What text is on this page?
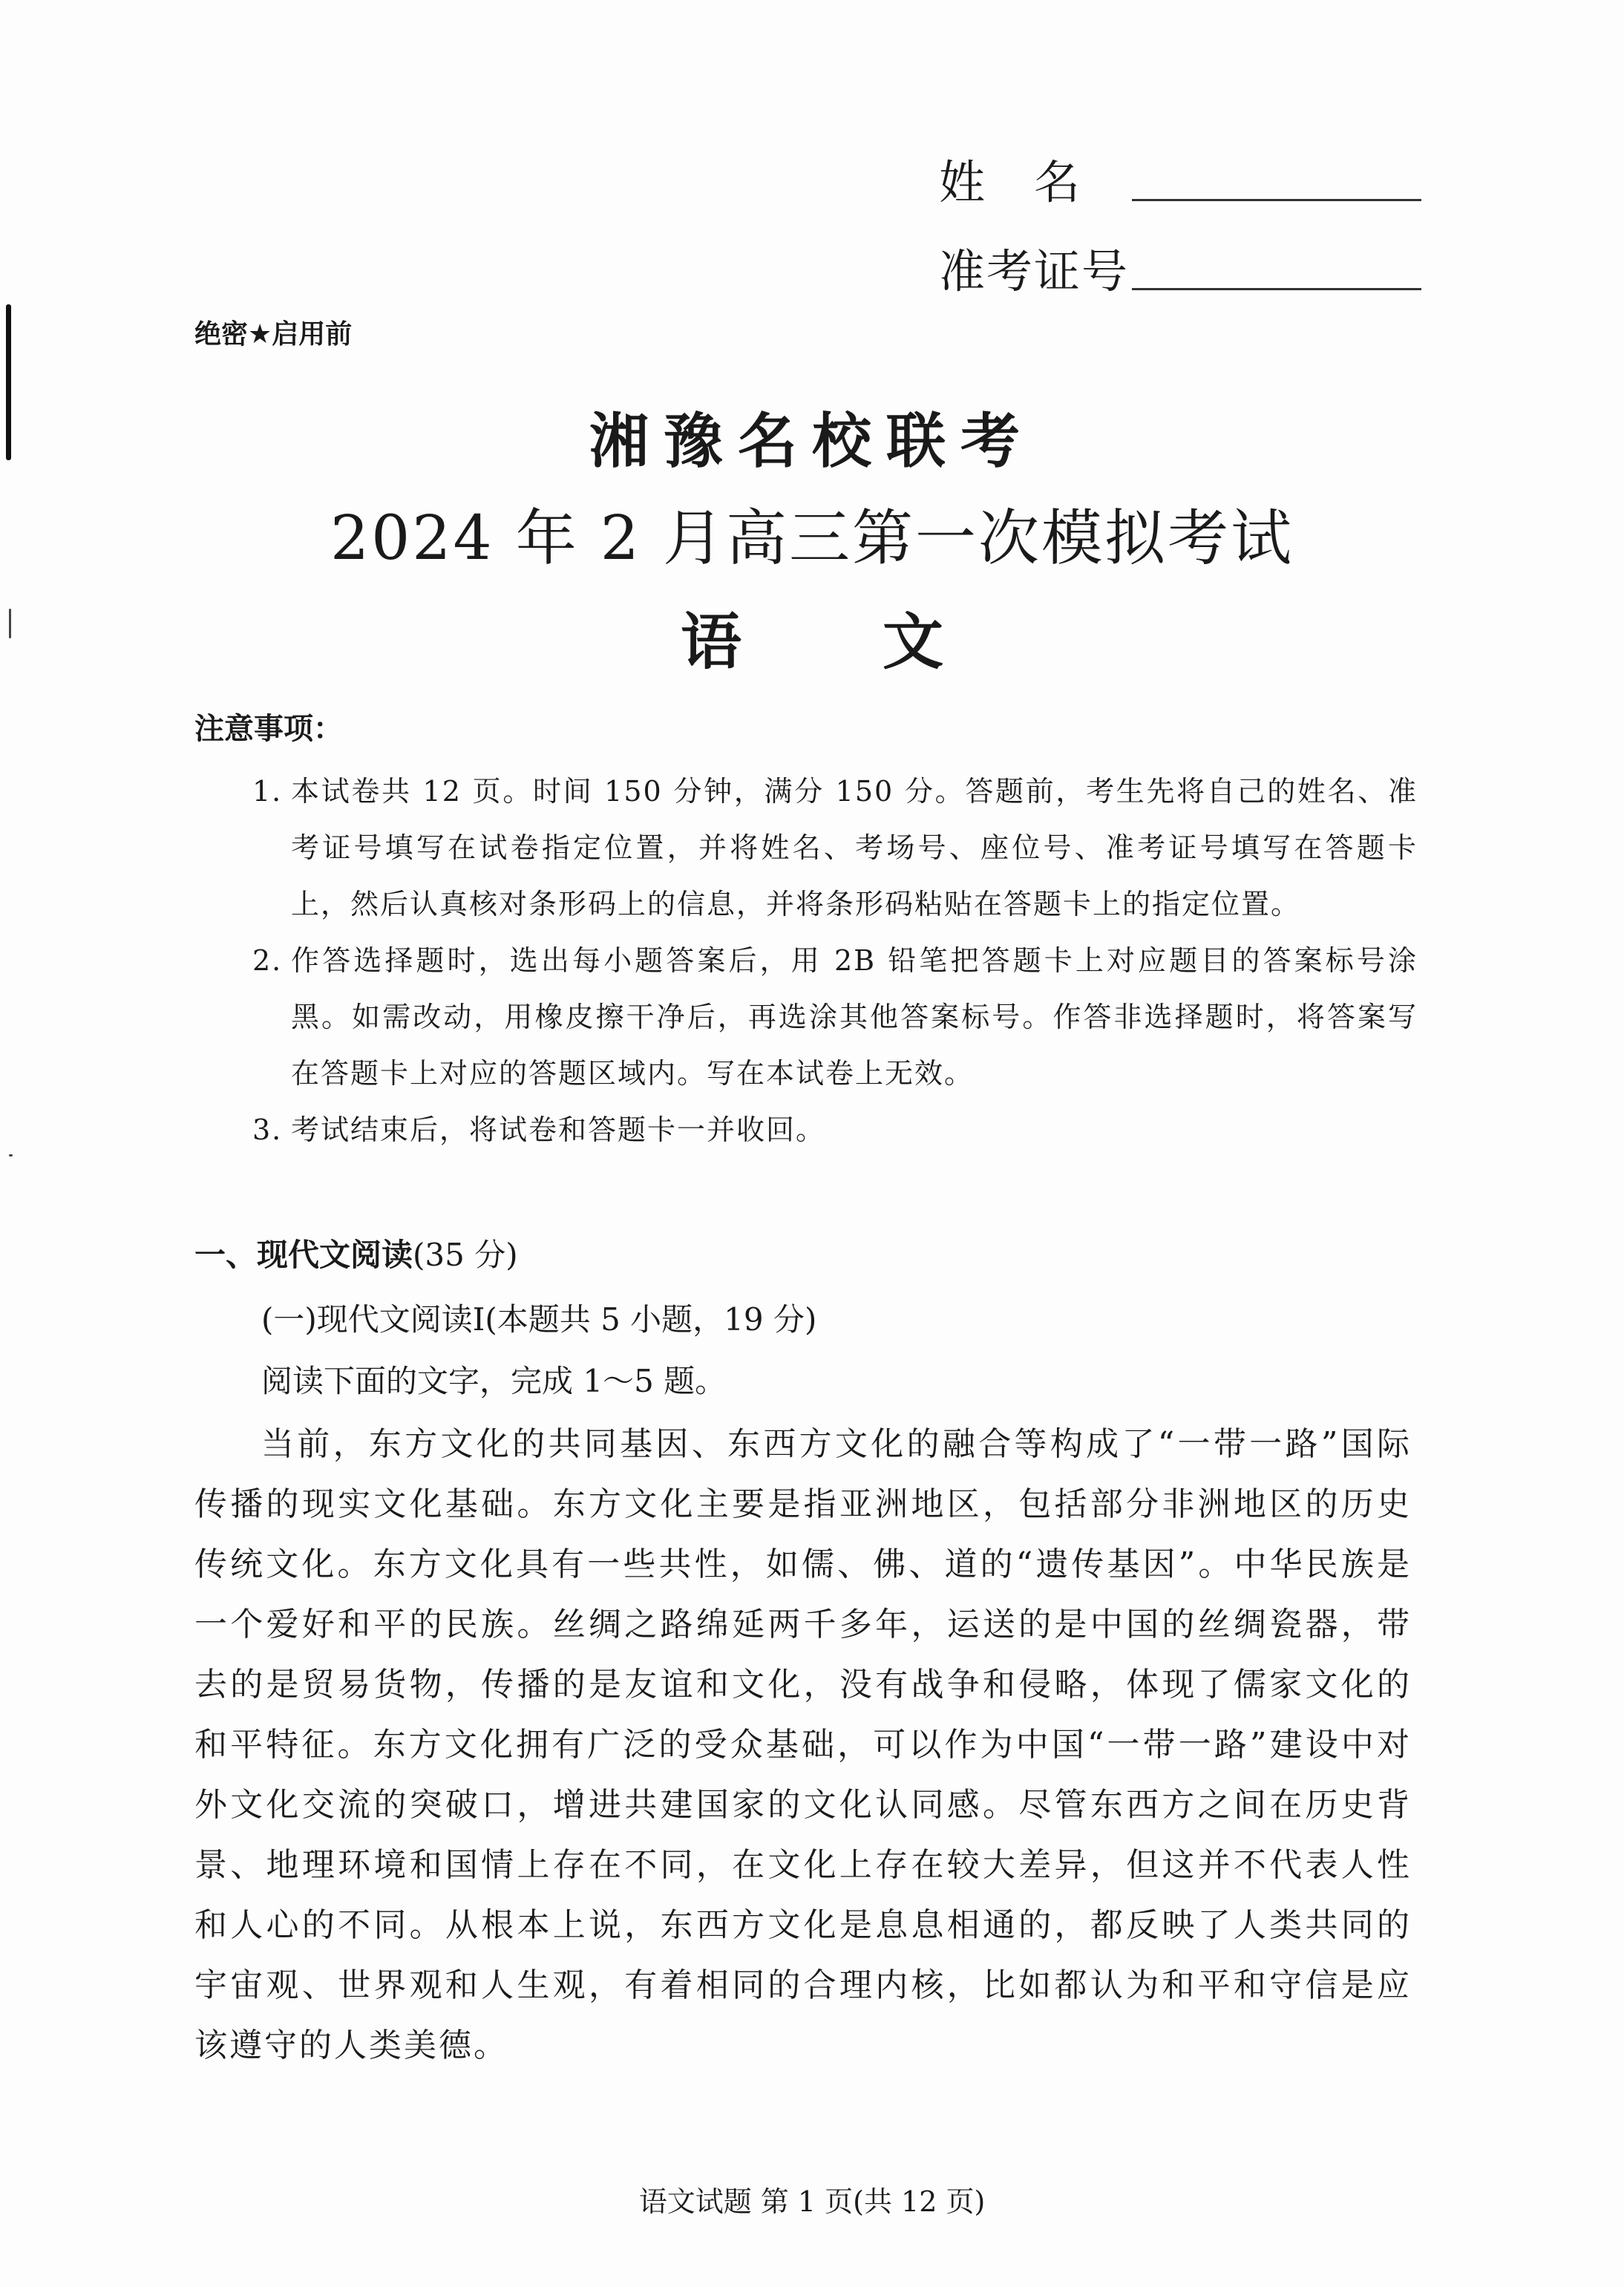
姓　名
准考证号
绝密★启用前
湘豫名校联考
2024 年 2 月高三第一次模拟考试
语文
注意事项：
1. 本试卷共 12 页。时间 150 分钟，满分 150 分。答题前，考生先将自己的姓名、准考证号填写在试卷指定位置，并将姓名、考场号、座位号、准考证号填写在答题卡上，然后认真核对条形码上的信息，并将条形码粘贴在答题卡上的指定位置。
2. 作答选择题时，选出每小题答案后，用 2B 铅笔把答题卡上对应题目的答案标号涂黑。如需改动，用橡皮擦干净后，再选涂其他答案标号。作答非选择题时，将答案写在答题卡上对应的答题区域内。写在本试卷上无效。
3. 考试结束后，将试卷和答题卡一并收回。
一、现代文阅读(35 分)
(一)现代文阅读Ⅰ(本题共 5 小题，19 分)
阅读下面的文字，完成 1～5 题。
当前，东方文化的共同基因、东西方文化的融合等构成了“一带一路”国际传播的现实文化基础。东方文化主要是指亚洲地区，包括部分非洲地区的历史传统文化。东方文化具有一些共性，如儒、佛、道的“遗传基因”。中华民族是一个爱好和平的民族。丝绸之路绵延两千多年，运送的是中国的丝绸瓷器，带去的是贸易货物，传播的是友谊和文化，没有战争和侵略，体现了儒家文化的和平特征。东方文化拥有广泛的受众基础，可以作为中国“一带一路”建设中对外文化交流的突破口，增进共建国家的文化认同感。尽管东西方之间在历史背景、地理环境和国情上存在不同，在文化上存在较大差异，但这并不代表人性和人心的不同。从根本上说，东西方文化是息息相通的，都反映了人类共同的宇宙观、世界观和人生观，有着相同的合理内核，比如都认为和平和守信是应该遵守的人类美德。
语文试题 第 1 页(共 12 页)
